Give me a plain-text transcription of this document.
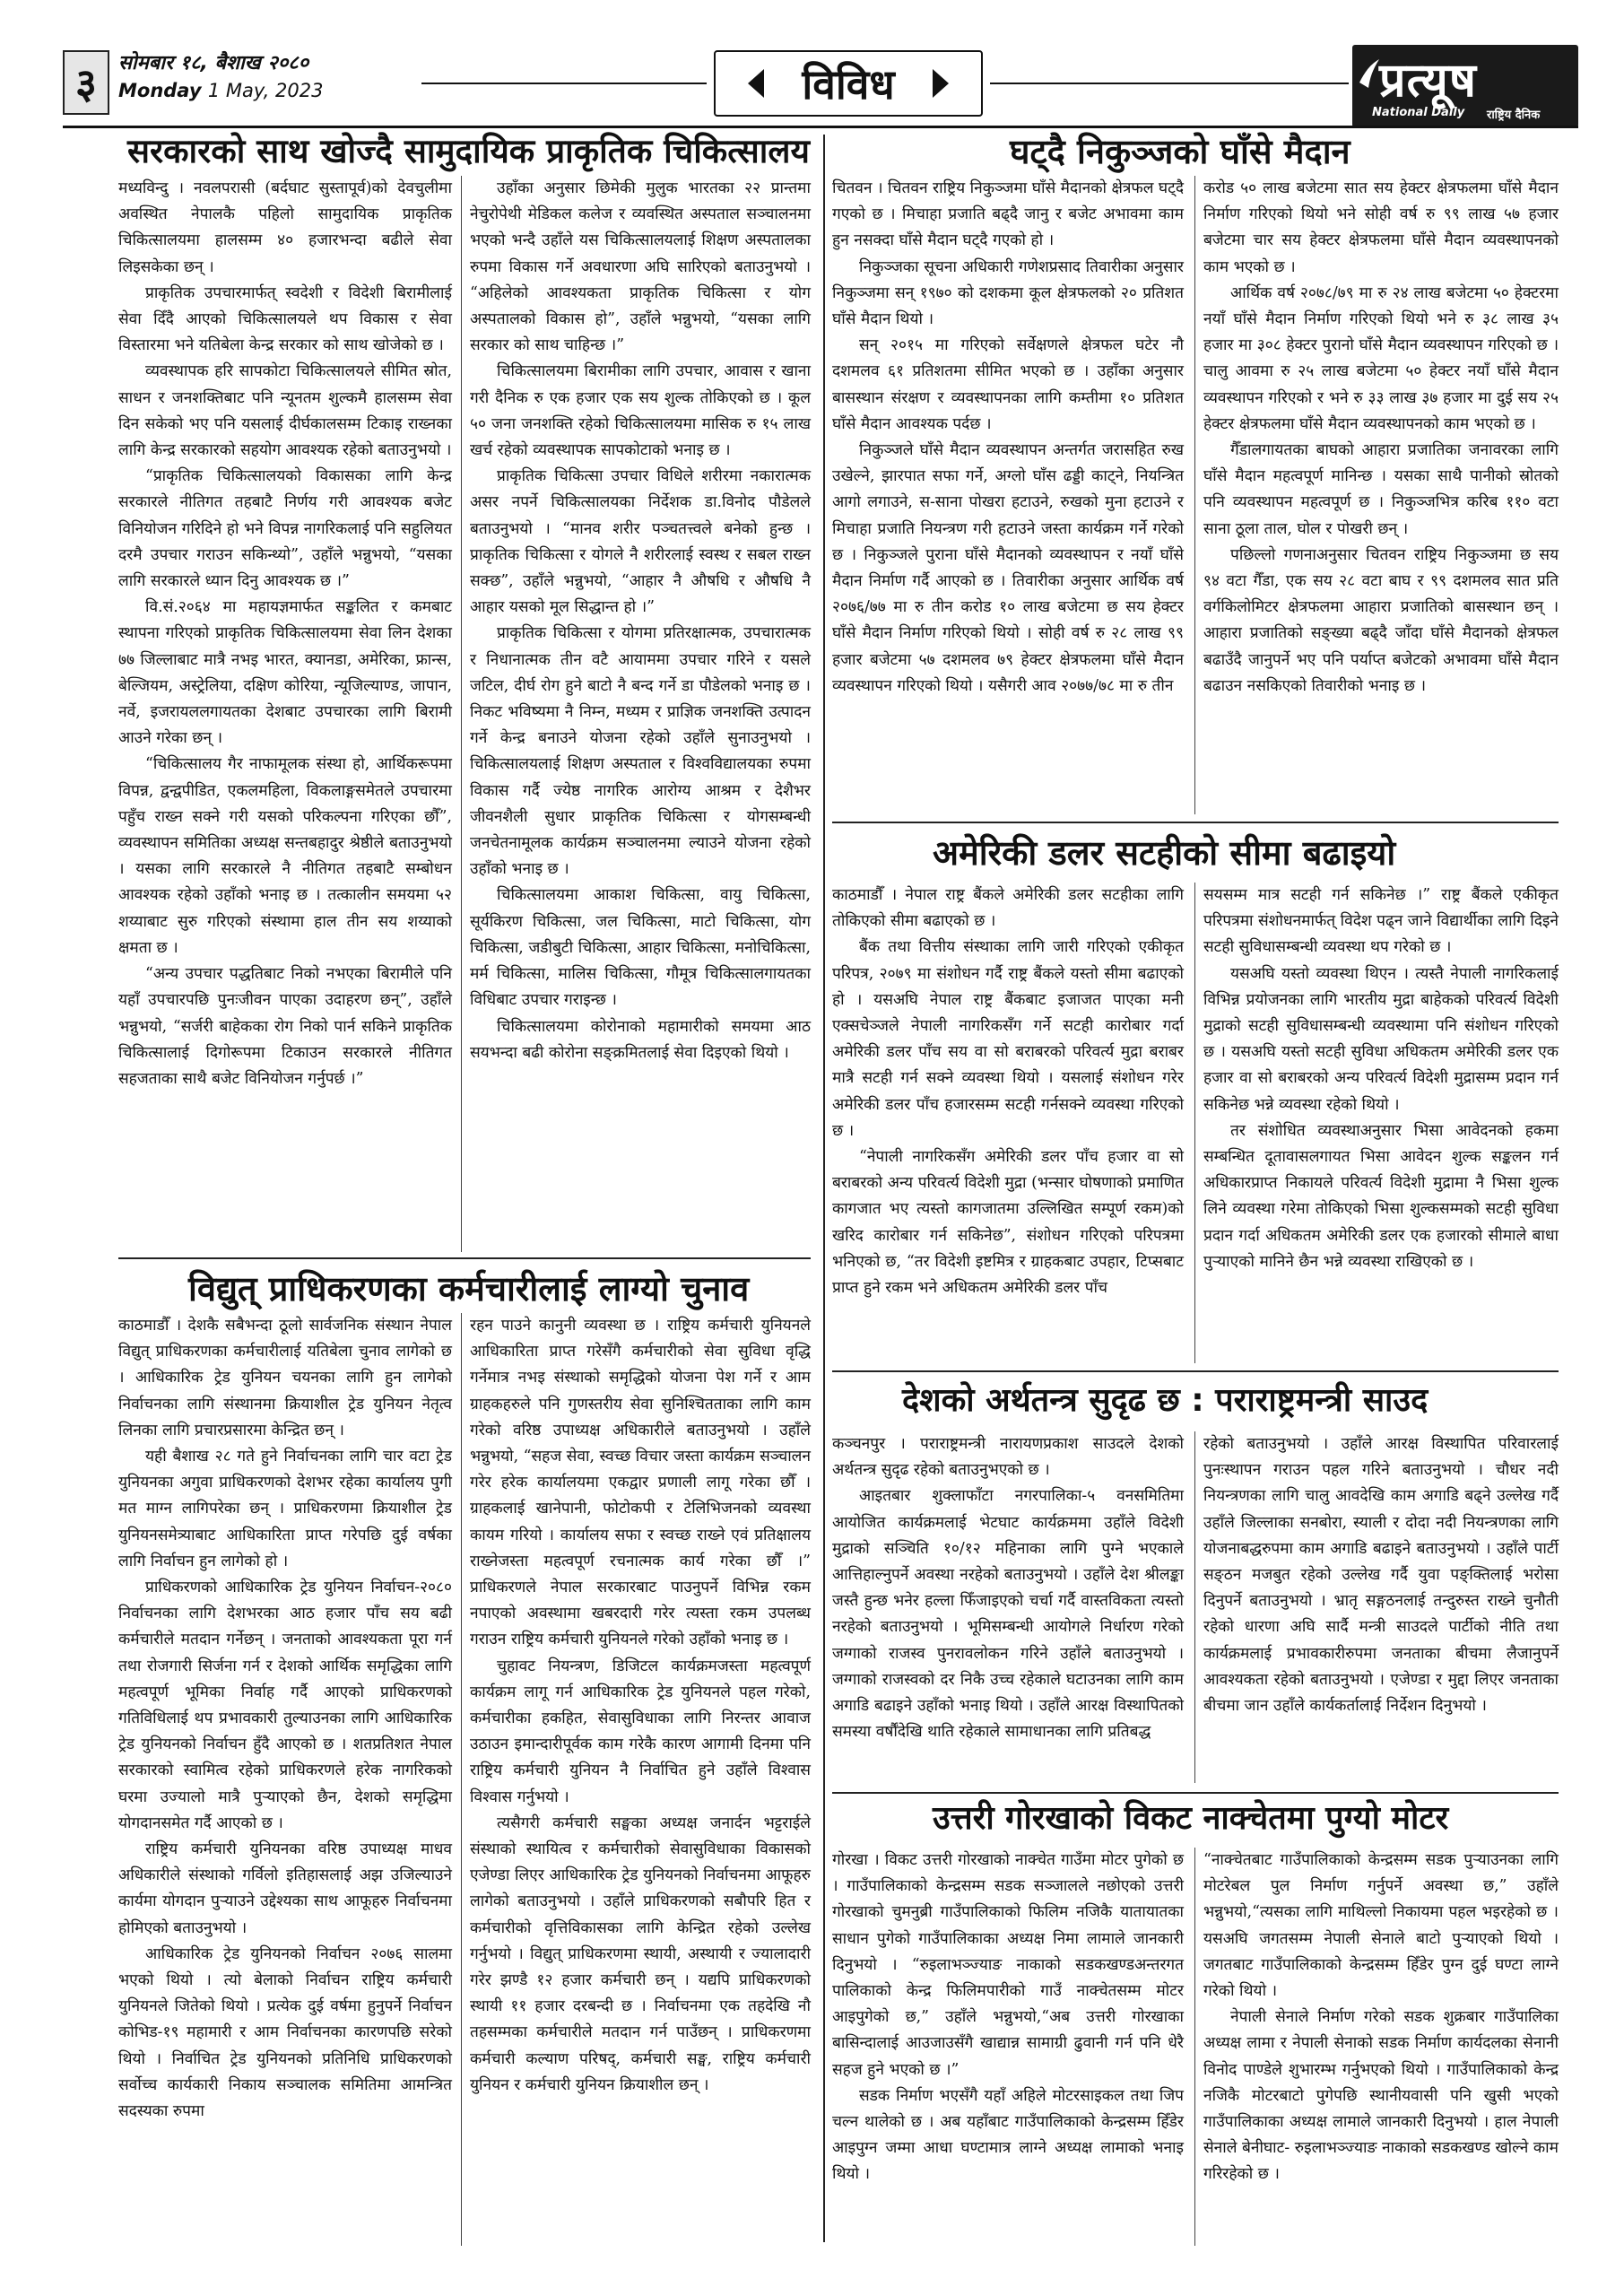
३	सोमबार १८, बैशाख २०८०
Monday 1 May, 2023	विविध	प्रत्यूष
National Daily राष्ट्रिय दैनिक
सरकारको साथ खोज्दै सामुदायिक प्राकृतिक चिकित्सालय

मध्यविन्दु । नवलपरासी (बर्दघाट सुस्तापूर्व)को देवचुलीमा अवस्थित नेपालकै पहिलो सामुदायिक प्राकृतिक चिकित्सालयमा हालसम्म ४० हजारभन्दा बढीले सेवा लिइसकेका छन् ।

प्राकृतिक उपचारमार्फत् स्वदेशी र विदेशी बिरामीलाई सेवा दिँदै आएको चिकित्सालयले थप विकास र सेवा विस्तारमा भने यतिबेला केन्द्र सरकार को साथ खोजेको छ ।

व्यवस्थापक हरि सापकोटा चिकित्सालयले सीमित स्रोत, साधन र जनशक्तिबाट पनि न्यूनतम शुल्कमै हालसम्म सेवा दिन सकेको भए पनि यसलाई दीर्घकालसम्म टिकाइ राख्नका लागि केन्द्र सरकारको सहयोग आवश्यक रहेको बताउनुभयो ।

“प्राकृतिक चिकित्सालयको विकासका लागि केन्द्र सरकारले नीतिगत तहबाटै निर्णय गरी आवश्यक बजेट विनियोजन गरिदिने हो भने विपन्न नागरिकलाई पनि सहुलियत दरमै उपचार गराउन सकिन्थ्यो”, उहाँले भन्नुभयो, “यसका लागि सरकारले ध्यान दिनु आवश्यक छ ।”

वि.सं.२०६४ मा महायज्ञमार्फत सङ्कलित र कमबाट स्थापना गरिएको प्राकृतिक चिकित्सालयमा सेवा लिन देशका ७७ जिल्लाबाट मात्रै नभइ भारत, क्यानडा, अमेरिका, फ्रान्स, बेल्जियम, अस्ट्रेलिया, दक्षिण कोरिया, न्यूजिल्याण्ड, जापान, नर्वे, इजरायललगायतका देशबाट उपचारका लागि बिरामी आउने गरेका छन् ।

“चिकित्सालय गैर नाफामूलक संस्था हो, आर्थिकरूपमा विपन्न, द्वन्द्वपीडित, एकलमहिला, विकलाङ्गसमेतले उपचारमा पहुँच राख्न सक्ने गरी यसको परिकल्पना गरिएका छौँ”, व्यवस्थापन समितिका अध्यक्ष सन्तबहादुर श्रेष्ठीले बताउनुभयो । यसका लागि सरकारले नै नीतिगत तहबाटै सम्बोधन आवश्यक रहेको उहाँको भनाइ छ । तत्कालीन समयमा ५२ शय्याबाट सुरु गरिएको संस्थामा हाल तीन सय शय्याको क्षमता छ ।

“अन्य उपचार पद्धतिबाट निको नभएका बिरामीले पनि यहाँ उपचारपछि पुनःजीवन पाएका उदाहरण छन्”, उहाँले भन्नुभयो, “सर्जरी बाहेकका रोग निको पार्न सकिने प्राकृतिक चिकित्सालाई दिगोरूपमा टिकाउन सरकारले नीतिगत सहजताका साथै बजेट विनियोजन गर्नुपर्छ ।”

उहाँका अनुसार छिमेकी मुलुक भारतका २२ प्रान्तमा नेचुरोपेथी मेडिकल कलेज र व्यवस्थित अस्पताल सञ्चालनमा भएको भन्दै उहाँले यस चिकित्सालयलाई शिक्षण अस्पतालका रुपमा विकास गर्ने अवधारणा अघि सारिएको बताउनुभयो । “अहिलेको आवश्यकता प्राकृतिक चिकित्सा र योग अस्पतालको विकास हो”, उहाँले भन्नुभयो, “यसका लागि सरकार को साथ चाहिन्छ ।”

चिकित्सालयमा बिरामीका लागि उपचार, आवास र खाना गरी दैनिक रु एक हजार एक सय शुल्क तोकिएको छ । कूल ५० जना जनशक्ति रहेको चिकित्सालयमा मासिक रु १५ लाख खर्च रहेको व्यवस्थापक सापकोटाको भनाइ छ ।

प्राकृतिक चिकित्सा उपचार विधिले शरीरमा नकारात्मक असर नपर्ने चिकित्सालयका निर्देशक डा.विनोद पौडेलले बताउनुभयो । “मानव शरीर पञ्चतत्त्वले बनेको हुन्छ । प्राकृतिक चिकित्सा र योगले नै शरीरलाई स्वस्थ र सबल राख्न सक्छ”, उहाँले भन्नुभयो, “आहार नै औषधि र औषधि नै आहार यसको मूल सिद्धान्त हो ।”

प्राकृतिक चिकित्सा र योगमा प्रतिरक्षात्मक, उपचारात्मक र निधानात्मक तीन वटै आयाममा उपचार गरिने र यसले जटिल, दीर्घ रोग हुने बाटो नै बन्द गर्ने डा पौडेलको भनाइ छ । निकट भविष्यमा नै निम्न, मध्यम र प्राज्ञिक जनशक्ति उत्पादन गर्ने केन्द्र बनाउने योजना रहेको उहाँले सुनाउनुभयो । चिकित्सालयलाई शिक्षण अस्पताल र विश्वविद्यालयका रुपमा विकास गर्दै ज्येष्ठ नागरिक आरोग्य आश्रम र देशैभर जीवनशैली सुधार प्राकृतिक चिकित्सा र योगसम्बन्धी जनचेतनामूलक कार्यक्रम सञ्चालनमा ल्याउने योजना रहेको उहाँको भनाइ छ ।

चिकित्सालयमा आकाश चिकित्सा, वायु चिकित्सा, सूर्यकिरण चिकित्सा, जल चिकित्सा, माटो चिकित्सा, योग चिकित्सा, जडीबुटी चिकित्सा, आहार चिकित्सा, मनोचिकित्सा, मर्म चिकित्सा, मालिस चिकित्सा, गौमूत्र चिकित्सालगायतका विधिबाट उपचार गराइन्छ ।

चिकित्सालयमा कोरोनाको महामारीको समयमा आठ सयभन्दा बढी कोरोना सङ्क्रमितलाई सेवा दिइएको थियो ।

घट्दै निकुञ्जको घाँसे मैदान

चितवन । चितवन राष्ट्रिय निकुञ्जमा घाँसे मैदानको क्षेत्रफल घट्दै गएको छ । मिचाहा प्रजाति बढ्दै जानु र बजेट अभावमा काम हुन नसक्दा घाँसे मैदान घट्दै गएको हो ।

निकुञ्जका सूचना अधिकारी गणेशप्रसाद तिवारीका अनुसार निकुञ्जमा सन् १९७० को दशकमा कूल क्षेत्रफलको २० प्रतिशत घाँसे मैदान थियो ।

सन् २०१५ मा गरिएको सर्वेक्षणले क्षेत्रफल घटेर नौ दशमलव ६१ प्रतिशतमा सीमित भएको छ । उहाँका अनुसार बासस्थान संरक्षण र व्यवस्थापनका लागि कम्तीमा १० प्रतिशत घाँसे मैदान आवश्यक पर्दछ ।

निकुञ्जले घाँसे मैदान व्यवस्थापन अन्तर्गत जरासहित रुख उखेल्ने, झारपात सफा गर्ने, अग्लो घाँस ढड्डी काट्ने, नियन्त्रित आगो लगाउने, स-साना पोखरा हटाउने, रुखको मुना हटाउने र मिचाहा प्रजाति नियन्त्रण गरी हटाउने जस्ता कार्यक्रम गर्ने गरेको छ । निकुञ्जले पुराना घाँसे मैदानको व्यवस्थापन र नयाँ घाँसे मैदान निर्माण गर्दै आएको छ । तिवारीका अनुसार आर्थिक वर्ष २०७६/७७ मा रु तीन करोड १० लाख बजेटमा छ सय हेक्टर घाँसे मैदान निर्माण गरिएको थियो । सोही वर्ष रु २८ लाख ९९ हजार बजेटमा ५७ दशमलव ७९ हेक्टर क्षेत्रफलमा घाँसे मैदान व्यवस्थापन गरिएको थियो । यसैगरी आव २०७७/७८ मा रु तीन

करोड ५० लाख बजेटमा सात सय हेक्टर क्षेत्रफलमा घाँसे मैदान निर्माण गरिएको थियो भने सोही वर्ष रु ९९ लाख ५७ हजार बजेटमा चार सय हेक्टर क्षेत्रफलमा घाँसे मैदान व्यवस्थापनको काम भएको छ ।

आर्थिक वर्ष २०७८/७९ मा रु २४ लाख बजेटमा ५० हेक्टरमा नयाँ घाँसे मैदान निर्माण गरिएको थियो भने रु ३८ लाख ३५ हजार मा ३०८ हेक्टर पुरानो घाँसे मैदान व्यवस्थापन गरिएको छ । चालु आवमा रु २५ लाख बजेटमा ५० हेक्टर नयाँ घाँसे मैदान व्यवस्थापन गरिएको र भने रु ३३ लाख ३७ हजार मा दुई सय २५ हेक्टर क्षेत्रफलमा घाँसे मैदान व्यवस्थापनको काम भएको छ ।

गैँडालगायतका बाघको आहारा प्रजातिका जनावरका लागि घाँसे मैदान महत्वपूर्ण मानिन्छ । यसका साथै पानीको स्रोतको पनि व्यवस्थापन महत्वपूर्ण छ । निकुञ्जभित्र करिब ११० वटा साना ठूला ताल, घोल र पोखरी छन् ।

पछिल्लो गणनाअनुसार चितवन राष्ट्रिय निकुञ्जमा छ सय ९४ वटा गैँडा, एक सय २८ वटा बाघ र ९९ दशमलव सात प्रति वर्गकिलोमिटर क्षेत्रफलमा आहारा प्रजातिको बासस्थान छन् । आहारा प्रजातिको सङ्ख्या बढ्दै जाँदा घाँसे मैदानको क्षेत्रफल बढाउँदै जानुपर्ने भए पनि पर्याप्त बजेटको अभावमा घाँसे मैदान बढाउन नसकिएको तिवारीको भनाइ छ ।

अमेरिकी डलर सटहीको सीमा बढाइयो

काठमाडौँ । नेपाल राष्ट्र बैंकले अमेरिकी डलर सटहीका लागि तोकिएको सीमा बढाएको छ ।

बैंक तथा वित्तीय संस्थाका लागि जारी गरिएको एकीकृत परिपत्र, २०७९ मा संशोधन गर्दै राष्ट्र बैंकले यस्तो सीमा बढाएको हो । यसअघि नेपाल राष्ट्र बैंकबाट इजाजत पाएका मनी एक्सचेञ्जले नेपाली नागरिकसँग गर्ने सटही कारोबार गर्दा अमेरिकी डलर पाँच सय वा सो बराबरको परिवर्त्य मुद्रा बराबर मात्रै सटही गर्न सक्ने व्यवस्था थियो । यसलाई संशोधन गरेर अमेरिकी डलर पाँच हजारसम्म सटही गर्नसक्ने व्यवस्था गरिएको छ ।

“नेपाली नागरिकसँग अमेरिकी डलर पाँच हजार वा सो बराबरको अन्य परिवर्त्य विदेशी मुद्रा (भन्सार घोषणाको प्रमाणित कागजात भए त्यस्तो कागजातमा उल्लिखित सम्पूर्ण रकम)को खरिद कारोबार गर्न सकिनेछ”, संशोधन गरिएको परिपत्रमा भनिएको छ, “तर विदेशी इष्टमित्र र ग्राहकबाट उपहार, टिप्सबाट प्राप्त हुने रकम भने अधिकतम अमेरिकी डलर पाँच

सयसम्म मात्र सटही गर्न सकिनेछ ।” राष्ट्र बैंकले एकीकृत परिपत्रमा संशोधनमार्फत् विदेश पढ्न जाने विद्यार्थीका लागि दिइने सटही सुविधासम्बन्धी व्यवस्था थप गरेको छ ।

यसअघि यस्तो व्यवस्था थिएन । त्यस्तै नेपाली नागरिकलाई विभिन्न प्रयोजनका लागि भारतीय मुद्रा बाहेकको परिवर्त्य विदेशी मुद्राको सटही सुविधासम्बन्धी व्यवस्थामा पनि संशोधन गरिएको छ । यसअघि यस्तो सटही सुविधा अधिकतम अमेरिकी डलर एक हजार वा सो बराबरको अन्य परिवर्त्य विदेशी मुद्रासम्म प्रदान गर्न सकिनेछ भन्ने व्यवस्था रहेको थियो ।

तर संशोधित व्यवस्थाअनुसार भिसा आवेदनको हकमा सम्बन्धित दूतावासलगायत भिसा आवेदन शुल्क सङ्कलन गर्न अधिकारप्राप्त निकायले परिवर्त्य विदेशी मुद्रामा नै भिसा शुल्क लिने व्यवस्था गरेमा तोकिएको भिसा शुल्कसम्मको सटही सुविधा प्रदान गर्दा अधिकतम अमेरिकी डलर एक हजारको सीमाले बाधा पुऱ्याएको मानिने छैन भन्ने व्यवस्था राखिएको छ ।

विद्युत् प्राधिकरणका कर्मचारीलाई लाग्यो चुनाव

काठमाडौँ । देशकै सबैभन्दा ठूलो सार्वजनिक संस्थान नेपाल विद्युत् प्राधिकरणका कर्मचारीलाई यतिबेला चुनाव लागेको छ । आधिकारिक ट्रेड युनियन चयनका लागि हुन लागेको निर्वाचनका लागि संस्थानमा क्रियाशील ट्रेड युनियन नेतृत्व लिनका लागि प्रचारप्रसारमा केन्द्रित छन् ।

यही बैशाख २८ गते हुने निर्वाचनका लागि चार वटा ट्रेड युनियनका अगुवा प्राधिकरणको देशभर रहेका कार्यालय पुगी मत माग्न लागिपरेका छन् । प्राधिकरणमा क्रियाशील ट्रेड युनियनसमेत्र्याबाट आधिकारिता प्राप्त गरेपछि दुई वर्षका लागि निर्वाचन हुन लागेको हो ।

प्राधिकरणको आधिकारिक ट्रेड युनियन निर्वाचन-२०८० निर्वाचनका लागि देशभरका आठ हजार पाँच सय बढी कर्मचारीले मतदान गर्नेछन् । जनताको आवश्यकता पूरा गर्न तथा रोजगारी सिर्जना गर्न र देशको आर्थिक समृद्धिका लागि महत्वपूर्ण भूमिका निर्वाह गर्दै आएको प्राधिकरणको गतिविधिलाई थप प्रभावकारी तुल्याउनका लागि आधिकारिक ट्रेड युनियनको निर्वाचन हुँदै आएको छ । शतप्रतिशत नेपाल सरकारको स्वामित्व रहेको प्राधिकरणले हरेक नागरिकको घरमा उज्यालो मात्रै पुऱ्याएको छैन, देशको समृद्धिमा योगदानसमेत गर्दै आएको छ ।

राष्ट्रिय कर्मचारी युनियनका वरिष्ठ उपाध्यक्ष माधव अधिकारीले संस्थाको गर्विलो इतिहासलाई अझ उजिल्याउने कार्यमा योगदान पुऱ्याउने उद्देश्यका साथ आफूहरु निर्वाचनमा होमिएको बताउनुभयो ।

आधिकारिक ट्रेड युनियनको निर्वाचन २०७६ सालमा भएको थियो । त्यो बेलाको निर्वाचन राष्ट्रिय कर्मचारी युनियनले जितेको थियो । प्रत्येक दुई वर्षमा हुनुपर्ने निर्वाचन कोभिड-१९ महामारी र आम निर्वाचनका कारणपछि सरेको थियो । निर्वाचित ट्रेड युनियनको प्रतिनिधि प्राधिकरणको सर्वोच्च कार्यकारी निकाय सञ्चालक समितिमा आमन्त्रित सदस्यका रुपमा

रहन पाउने कानुनी व्यवस्था छ । राष्ट्रिय कर्मचारी युनियनले आधिकारिता प्राप्त गरेसँगै कर्मचारीको सेवा सुविधा वृद्धि गर्नेमात्र नभइ संस्थाको समृद्धिको योजना पेश गर्ने र आम ग्राहकहरुले पनि गुणस्तरीय सेवा सुनिश्चितताका लागि काम गरेको वरिष्ठ उपाध्यक्ष अधिकारीले बताउनुभयो । उहाँले भन्नुभयो, “सहज सेवा, स्वच्छ विचार जस्ता कार्यक्रम सञ्चालन गरेर हरेक कार्यालयमा एकद्वार प्रणाली लागू गरेका छौँ । ग्राहकलाई खानेपानी, फोटोकपी र टेलिभिजनको व्यवस्था कायम गरियो । कार्यालय सफा र स्वच्छ राख्ने एवं प्रतिक्षालय राख्नेजस्ता महत्वपूर्ण रचनात्मक कार्य गरेका छौँ ।” प्राधिकरणले नेपाल सरकारबाट पाउनुपर्ने विभिन्न रकम नपाएको अवस्थामा खबरदारी गरेर त्यस्ता रकम उपलब्ध गराउन राष्ट्रिय कर्मचारी युनियनले गरेको उहाँको भनाइ छ ।

चुहावट नियन्त्रण, डिजिटल कार्यक्रमजस्ता महत्वपूर्ण कार्यक्रम लागू गर्न आधिकारिक ट्रेड युनियनले पहल गरेको, कर्मचारीका हकहित, सेवासुविधाका लागि निरन्तर आवाज उठाउन इमान्दारीपूर्वक काम गरेकै कारण आगामी दिनमा पनि राष्ट्रिय कर्मचारी युनियन नै निर्वाचित हुने उहाँले विश्वास विश्वास गर्नुभयो ।

त्यसैगरी कर्मचारी सङ्घका अध्यक्ष जनार्दन भट्टराईले संस्थाको स्थायित्व र कर्मचारीको सेवासुविधाका विकासको एजेण्डा लिएर आधिकारिक ट्रेड युनियनको निर्वाचनमा आफूहरु लागेको बताउनुभयो । उहाँले प्राधिकरणको सबौपरि हित र कर्मचारीको वृत्तिविकासका लागि केन्द्रित रहेको उल्लेख गर्नुभयो । विद्युत् प्राधिकरणमा स्थायी, अस्थायी र ज्यालादारी गरेर झण्डै १२ हजार कर्मचारी छन् । यद्यपि प्राधिकरणको स्थायी ११ हजार दरबन्दी छ । निर्वाचनमा एक तहदेखि नौ तहसम्मका कर्मचारीले मतदान गर्न पाउँछन् । प्राधिकरणमा कर्मचारी कल्याण परिषद्, कर्मचारी सङ्घ, राष्ट्रिय कर्मचारी युनियन र कर्मचारी युनियन क्रियाशील छन् ।

देशको अर्थतन्त्र सुदृढ छ : पराराष्ट्रमन्त्री साउद

कञ्चनपुर । पराराष्ट्रमन्त्री नारायणप्रकाश साउदले देशको अर्थतन्त्र सुदृढ रहेको बताउनुभएको छ ।

आइतबार शुक्लाफाँटा नगरपालिका-५ वनसमितिमा आयोजित कार्यक्रमलाई भेटघाट कार्यक्रममा उहाँले विदेशी मुद्राको सञ्चिति १०/१२ महिनाका लागि पुग्ने भएकाले आत्तिहाल्नुपर्ने अवस्था नरहेको बताउनुभयो । उहाँले देश श्रीलङ्का जस्तै हुन्छ भनेर हल्ला फिँजाइएको चर्चा गर्दै वास्तविकता त्यस्तो नरहेको बताउनुभयो । भूमिसम्बन्धी आयोगले निर्धारण गरेको जग्गाको राजस्व पुनरावलोकन गरिने उहाँले बताउनुभयो । जग्गाको राजस्वको दर निकै उच्च रहेकाले घटाउनका लागि काम अगाडि बढाइने उहाँको भनाइ थियो । उहाँले आरक्ष विस्थापितको समस्या वर्षौंदेखि थाति रहेकाले सामाधानका लागि प्रतिबद्ध

रहेको बताउनुभयो । उहाँले आरक्ष विस्थापित परिवारलाई पुनःस्थापन गराउन पहल गरिने बताउनुभयो । चौधर नदी नियन्त्रणका लागि चालु आवदेखि काम अगाडि बढ्ने उल्लेख गर्दै उहाँले जिल्लाका सनबोरा, स्याली र दोदा नदी नियन्त्रणका लागि योजनाबद्धरुपमा काम अगाडि बढाइने बताउनुभयो । उहाँले पार्टी सङ्ठन मजबुत रहेको उल्लेख गर्दै युवा पङ्क्तिलाई भरोसा दिनुपर्ने बताउनुभयो । भ्रातृ सङ्गठनलाई तन्दुरुस्त राख्ने चुनौती रहेको धारणा अघि सार्दै मन्त्री साउदले पार्टीको नीति तथा कार्यक्रमलाई प्रभावकारीरुपमा जनताका बीचमा लैजानुपर्ने आवश्यकता रहेको बताउनुभयो । एजेण्डा र मुद्दा लिएर जनताका बीचमा जान उहाँले कार्यकर्तालाई निर्देशन दिनुभयो ।

उत्तरी गोरखाको विकट नाक्चेतमा पुग्यो मोटर

गोरखा । विकट उत्तरी गोरखाको नाक्चेत गाउँमा मोटर पुगेको छ । गाउँपालिकाको केन्द्रसम्म सडक सञ्जालले नछोएको उत्तरी गोरखाको चुमनुब्री गाउँपालिकाको फिलिम नजिकै यातायातका साधान पुगेको गाउँपालिकाका अध्यक्ष निमा लामाले जानकारी दिनुभयो । “रुइलाभञ्ज्याङ नाकाको सडकखण्डअन्तरगत पालिकाको केन्द्र फिलिमपारीको गाउँ नाक्चेतसम्म मोटर आइपुगेको छ,” उहाँले भन्नुभयो,“अब उत्तरी गोरखाका बासिन्दालाई आउजाउसँगै खाद्यान्न सामाग्री ढुवानी गर्न पनि धेरै सहज हुने भएको छ ।”

सडक निर्माण भएसँगै यहाँ अहिले मोटरसाइकल तथा जिप चल्न थालेको छ । अब यहाँबाट गाउँपालिकाको केन्द्रसम्म हिँडेर आइपुग्न जम्मा आधा घण्टामात्र लाग्ने अध्यक्ष लामाको भनाइ थियो ।

“नाक्चेतबाट गाउँपालिकाको केन्द्रसम्म सडक पुऱ्याउनका लागि मोटरेबल पुल निर्माण गर्नुपर्ने अवस्था छ,” उहाँले भन्नुभयो,“त्यसका लागि माथिल्लो निकायमा पहल भइरहेको छ । यसअघि जगतसम्म नेपाली सेनाले बाटो पुऱ्याएको थियो । जगतबाट गाउँपालिकाको केन्द्रसम्म हिँडेर पुग्न दुई घण्टा लाग्ने गरेको थियो ।

नेपाली सेनाले निर्माण गरेको सडक शुक्रबार गाउँपालिका अध्यक्ष लामा र नेपाली सेनाको सडक निर्माण कार्यदलका सेनानी विनोद पाण्डेले शुभारम्भ गर्नुभएको थियो । गाउँपालिकाको केन्द्र नजिकै मोटरबाटो पुगेपछि स्थानीयवासी पनि खुसी भएको गाउँपालिकाका अध्यक्ष लामाले जानकारी दिनुभयो । हाल नेपाली सेनाले बेनीघाट- रुइलाभञ्ज्याङ नाकाको सडकखण्ड खोल्ने काम गरिरहेको छ ।
